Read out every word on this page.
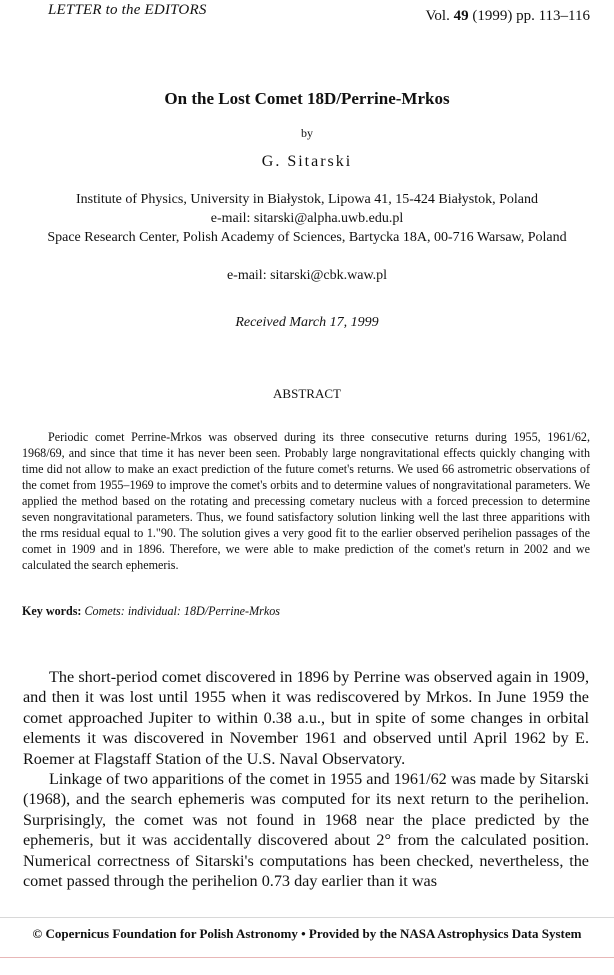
LETTER to the EDITORS	Vol. 49 (1999) pp. 113–116
On the Lost Comet 18D/Perrine-Mrkos
by
G. Sitarski
Institute of Physics, University in Białystok, Lipowa 41, 15-424 Białystok, Poland
e-mail: sitarski@alpha.uwb.edu.pl
Space Research Center, Polish Academy of Sciences, Bartycka 18A, 00-716 Warsaw, Poland
e-mail: sitarski@cbk.waw.pl
Received March 17, 1999
ABSTRACT
Periodic comet Perrine-Mrkos was observed during its three consecutive returns during 1955, 1961/62, 1968/69, and since that time it has never been seen. Probably large nongravitational effects quickly changing with time did not allow to make an exact prediction of the future comet's returns. We used 66 astrometric observations of the comet from 1955–1969 to improve the comet's orbits and to determine values of nongravitational parameters. We applied the method based on the rotating and precessing cometary nucleus with a forced precession to determine seven nongravitational parameters. Thus, we found satisfactory solution linking well the last three apparitions with the rms residual equal to 1."90. The solution gives a very good fit to the earlier observed perihelion passages of the comet in 1909 and in 1896. Therefore, we were able to make prediction of the comet's return in 2002 and we calculated the search ephemeris.
Key words: Comets: individual: 18D/Perrine-Mrkos

The short-period comet discovered in 1896 by Perrine was observed again in 1909, and then it was lost until 1955 when it was rediscovered by Mrkos. In June 1959 the comet approached Jupiter to within 0.38 a.u., but in spite of some changes in orbital elements it was discovered in November 1961 and observed until April 1962 by E. Roemer at Flagstaff Station of the U.S. Naval Observatory.

Linkage of two apparitions of the comet in 1955 and 1961/62 was made by Sitarski (1968), and the search ephemeris was computed for its next return to the perihelion. Surprisingly, the comet was not found in 1968 near the place predicted by the ephemeris, but it was accidentally discovered about 2° from the calculated position. Numerical correctness of Sitarski's computations has been checked, nevertheless, the comet passed through the perihelion 0.73 day earlier than it was

© Copernicus Foundation for Polish Astronomy • Provided by the NASA Astrophysics Data System
